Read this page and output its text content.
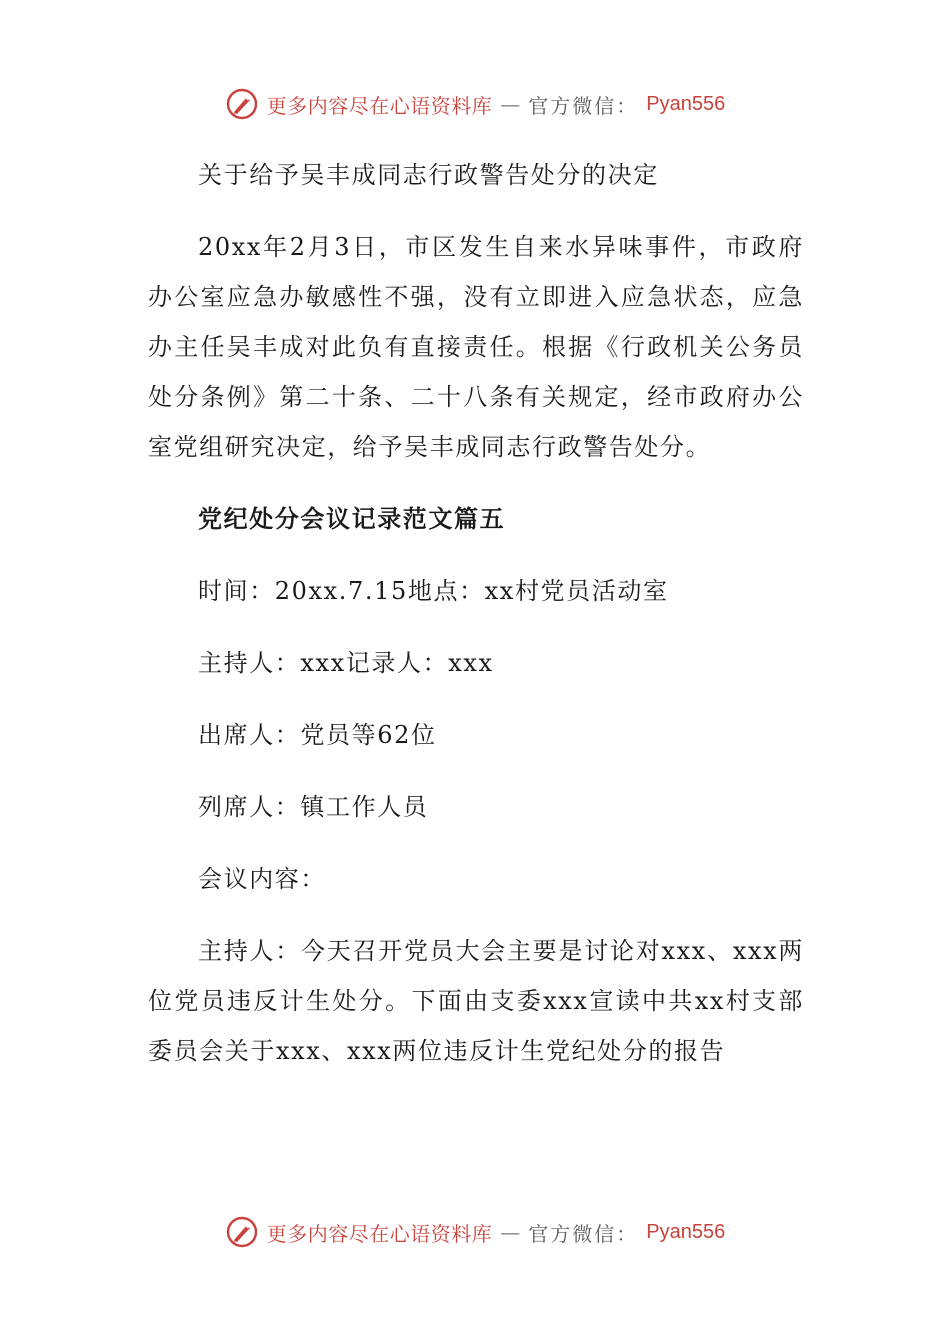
更多内容尽在心语资料库 — 官方微信： Pyan556

关于给予吴丰成同志行政警告处分的决定

20xx年2月3日，市区发生自来水异味事件，市政府办公室应急办敏感性不强，没有立即进入应急状态，应急办主任吴丰成对此负有直接责任。根据《行政机关公务员处分条例》第二十条、二十八条有关规定，经市政府办公室党组研究决定，给予吴丰成同志行政警告处分。

党纪处分会议记录范文篇五

时间：20xx.7.15地点：xx村党员活动室

主持人：xxx记录人：xxx

出席人：党员等62位

列席人：镇工作人员

会议内容：

主持人：今天召开党员大会主要是讨论对xxx、xxx两位党员违反计生处分。下面由支委xxx宣读中共xx村支部委员会关于xxx、xxx两位违反计生党纪处分的报告

更多内容尽在心语资料库 — 官方微信： Pyan556
